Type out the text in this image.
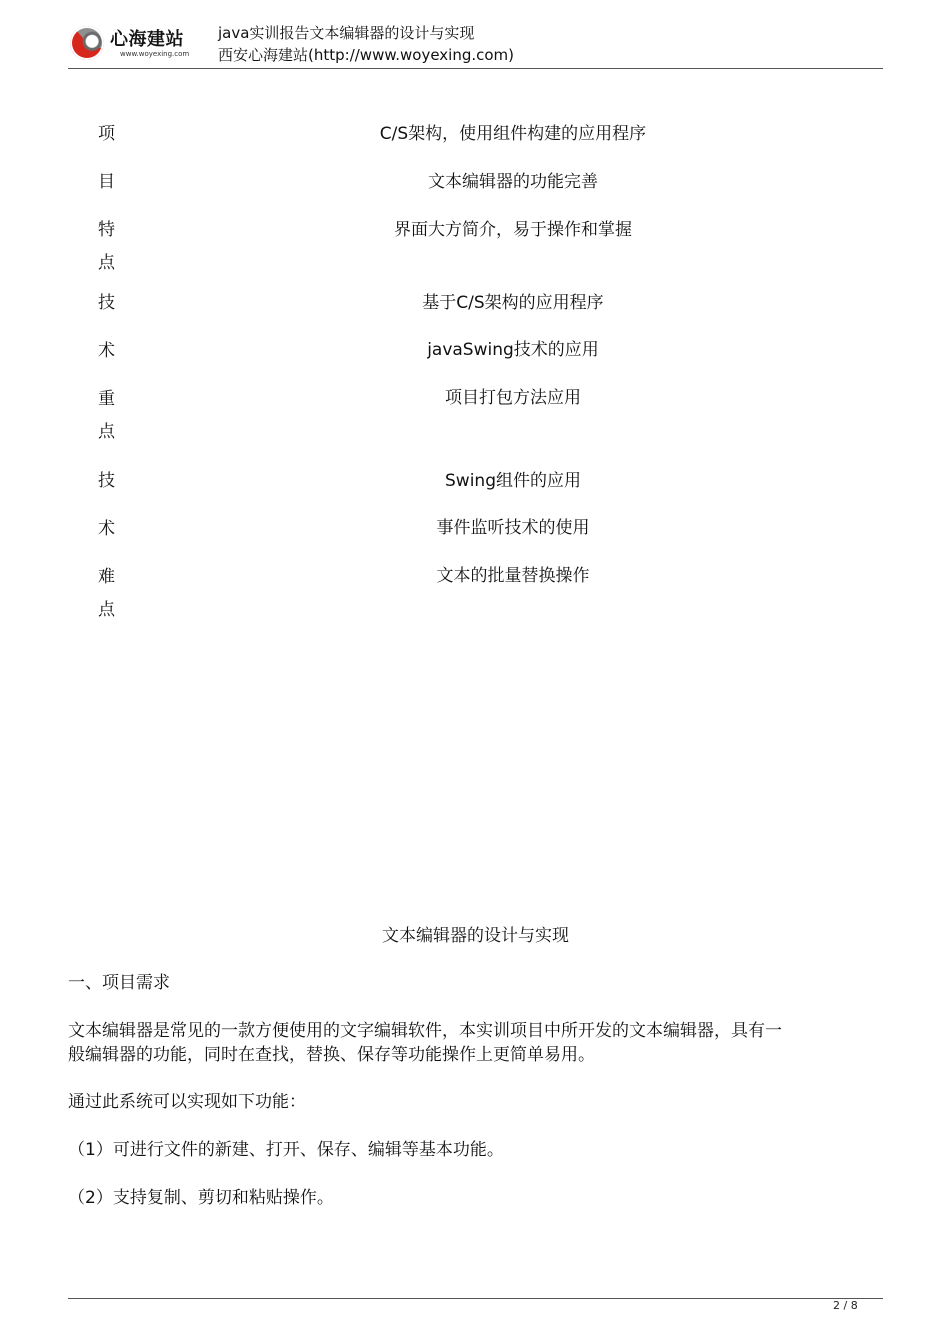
心海建站
www.woyexing.com
java实训报告文本编辑器的设计与实现
西安心海建站(http://www.woyexing.com)
项
目
特
点
C/S架构，使用组件构建的应用程序
文本编辑器的功能完善
界面大方简介，易于操作和掌握
技
术
重
点
基于C/S架构的应用程序
javaSwing技术的应用
项目打包方法应用
技
术
难
点
Swing组件的应用
事件监听技术的使用
文本的批量替换操作
文本编辑器的设计与实现
一、项目需求
文本编辑器是常见的一款方便使用的文字编辑软件，本实训项目中所开发的文本编辑器，具有一
般编辑器的功能，同时在查找，替换、保存等功能操作上更简单易用。
通过此系统可以实现如下功能：
（1）可进行文件的新建、打开、保存、编辑等基本功能。
（2）支持复制、剪切和粘贴操作。
2 / 8
